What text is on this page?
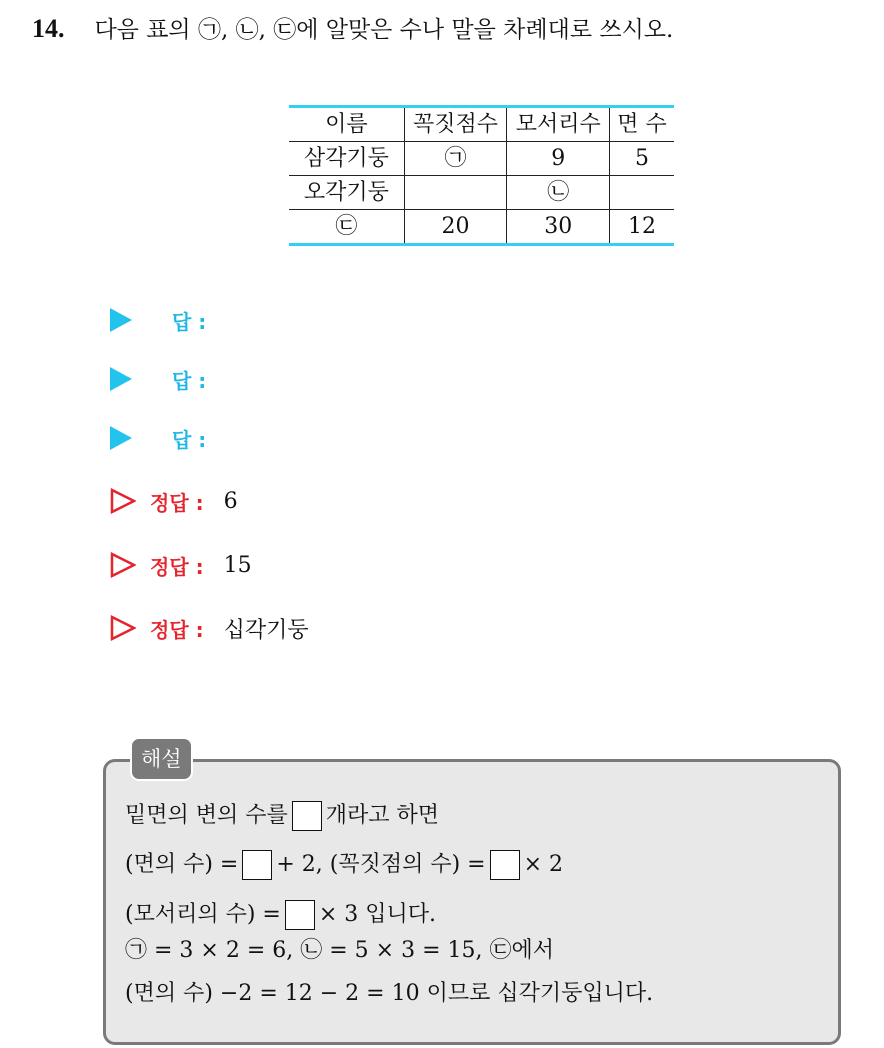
14. 다음 표의 ㉠, ㉡, ㉢에 알맞은 수나 말을 차례대로 쓰시오.
이름	꼭짓점수	모서리수	면 수
삼각기둥	㉠	9	5
오각기둥		㉡	
㉢	20	30	12
답 :
답 :
답 :
정답 : 6
정답 : 15
정답 : 십각기둥
해설
밑면의 변의 수를 개라고 하면
(면의 수) = + 2, (꼭짓점의 수) = × 2
(모서리의 수) = × 3 입니다.
㉠ = 3 × 2 = 6, ㉡ = 5 × 3 = 15, ㉢에서
(면의 수) −2 = 12 − 2 = 10 이므로 십각기둥입니다.
